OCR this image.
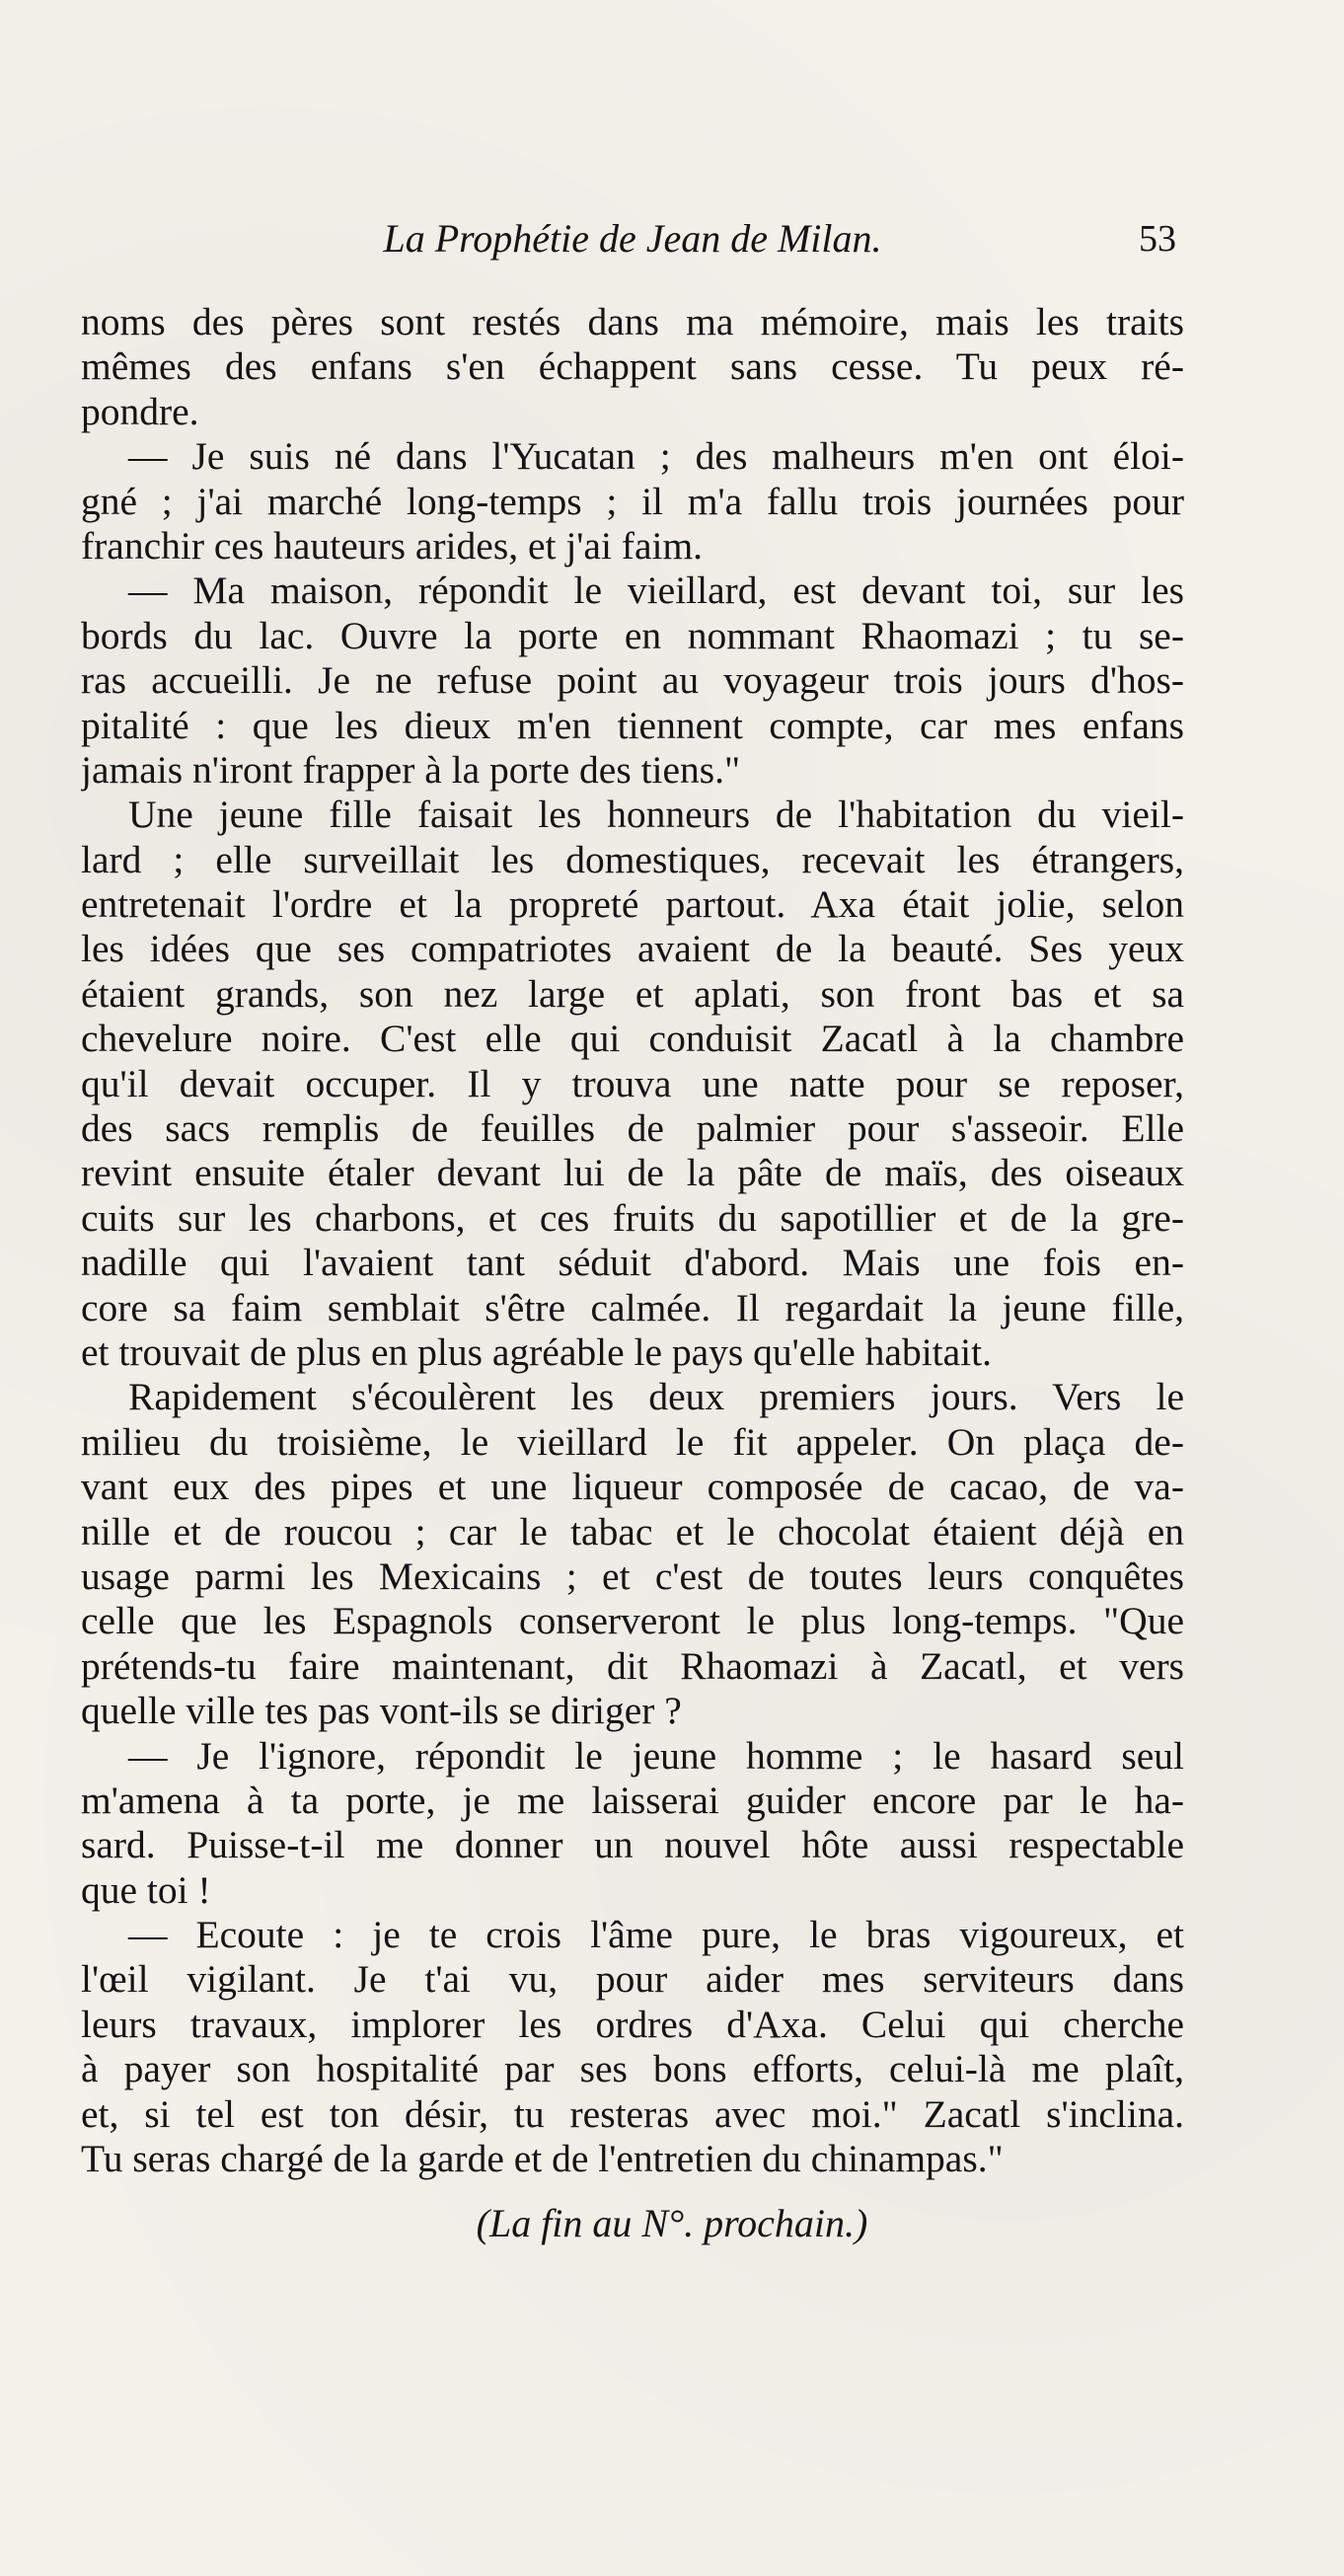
La Prophétie de Jean de Milan.	53
noms des pères sont restés dans ma mémoire, mais les traits
mêmes des enfans s'en échappent sans cesse. Tu peux ré-
pondre.
— Je suis né dans l'Yucatan ; des malheurs m'en ont éloi-
gné ; j'ai marché long-temps ; il m'a fallu trois journées pour
franchir ces hauteurs arides, et j'ai faim.
— Ma maison, répondit le vieillard, est devant toi, sur les
bords du lac. Ouvre la porte en nommant Rhaomazi ; tu se-
ras accueilli. Je ne refuse point au voyageur trois jours d'hos-
pitalité : que les dieux m'en tiennent compte, car mes enfans
jamais n'iront frapper à la porte des tiens."
Une jeune fille faisait les honneurs de l'habitation du vieil-
lard ; elle surveillait les domestiques, recevait les étrangers,
entretenait l'ordre et la propreté partout. Axa était jolie, selon
les idées que ses compatriotes avaient de la beauté. Ses yeux
étaient grands, son nez large et aplati, son front bas et sa
chevelure noire. C'est elle qui conduisit Zacatl à la chambre
qu'il devait occuper. Il y trouva une natte pour se reposer,
des sacs remplis de feuilles de palmier pour s'asseoir. Elle
revint ensuite étaler devant lui de la pâte de maïs, des oiseaux
cuits sur les charbons, et ces fruits du sapotillier et de la gre-
nadille qui l'avaient tant séduit d'abord. Mais une fois en-
core sa faim semblait s'être calmée. Il regardait la jeune fille,
et trouvait de plus en plus agréable le pays qu'elle habitait.
Rapidement s'écoulèrent les deux premiers jours. Vers le
milieu du troisième, le vieillard le fit appeler. On plaça de-
vant eux des pipes et une liqueur composée de cacao, de va-
nille et de roucou ; car le tabac et le chocolat étaient déjà en
usage parmi les Mexicains ; et c'est de toutes leurs conquêtes
celle que les Espagnols conserveront le plus long-temps. "Que
prétends-tu faire maintenant, dit Rhaomazi à Zacatl, et vers
quelle ville tes pas vont-ils se diriger ?
— Je l'ignore, répondit le jeune homme ; le hasard seul
m'amena à ta porte, je me laisserai guider encore par le ha-
sard. Puisse-t-il me donner un nouvel hôte aussi respectable
que toi !
— Ecoute : je te crois l'âme pure, le bras vigoureux, et
l'œil vigilant. Je t'ai vu, pour aider mes serviteurs dans
leurs travaux, implorer les ordres d'Axa. Celui qui cherche
à payer son hospitalité par ses bons efforts, celui-là me plaît,
et, si tel est ton désir, tu resteras avec moi." Zacatl s'inclina.
Tu seras chargé de la garde et de l'entretien du chinampas."
(La fin au N°. prochain.)
